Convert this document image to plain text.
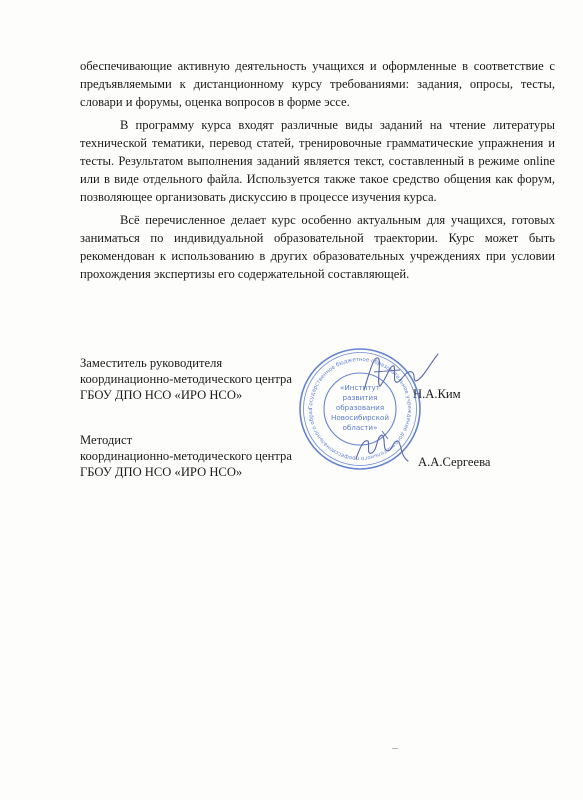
обеспечивающие активную деятельность учащихся и оформленные в соответствие с предъявляемыми к дистанционному курсу требованиями: задания, опросы, тесты, словари и форумы, оценка вопросов в форме эссе.

В программу курса входят различные виды заданий на чтение литературы технической тематики, перевод статей, тренировочные грамматические упражнения и тесты. Результатом выполнения заданий является текст, составленный в режиме online или в виде отдельного файла. Используется также такое средство общения как форум, позволяющее организовать дискуссию в процессе изучения курса.

Всё перечисленное делает курс особенно актуальным для учащихся, готовых заниматься по индивидуальной образовательной траектории. Курс может быть рекомендован к использованию в других образовательных учреждениях при условии прохождения экспертизы его содержательной составляющей.

Заместитель руководителя
координационно-методического центра
ГБОУ ДПО НСО «ИРО НСО»	Н.А.Ким
Методист
координационно-методического центра
ГБОУ ДПО НСО «ИРО НСО»
А.А.Сергеева
Государственное бюджетное образовательное учреждение дополнительного профессионального образ
«Институт
развития
образования
Новосибирской
области»
